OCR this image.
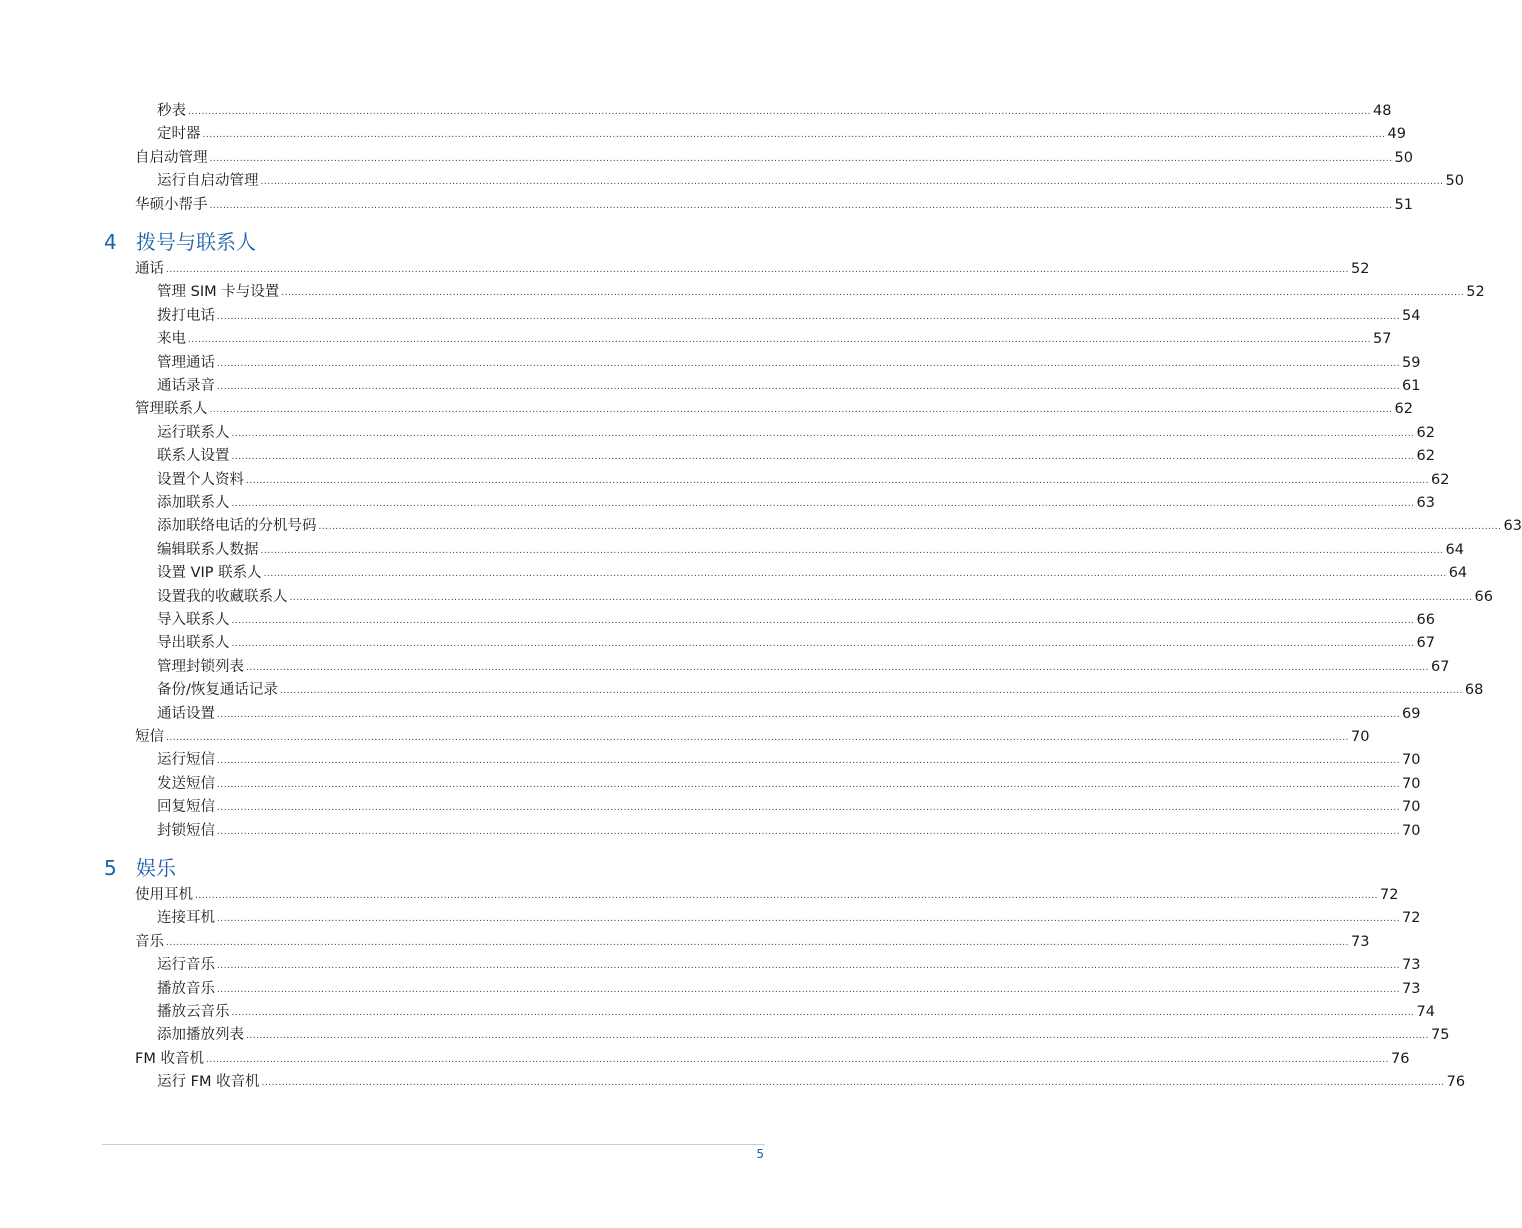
秒表 ................................................................................................................................................................................................................................................................................................................................................................ 48
定时器 ................................................................................................................................................................................................................................................................................................................................................................ 49
自启动管理 ................................................................................................................................................................................................................................................................................................................................................................ 50
运行自启动管理 ................................................................................................................................................................................................................................................................................................................................................................ 50
华硕小帮手 ................................................................................................................................................................................................................................................................................................................................................................ 51
4 拨号与联系人
通话 ................................................................................................................................................................................................................................................................................................................................................................ 52
管理 SIM 卡与设置 ................................................................................................................................................................................................................................................................................................................................................................ 52
拨打电话 ................................................................................................................................................................................................................................................................................................................................................................ 54
来电 ................................................................................................................................................................................................................................................................................................................................................................ 57
管理通话 ................................................................................................................................................................................................................................................................................................................................................................ 59
通话录音 ................................................................................................................................................................................................................................................................................................................................................................ 61
管理联系人 ................................................................................................................................................................................................................................................................................................................................................................ 62
运行联系人 ................................................................................................................................................................................................................................................................................................................................................................ 62
联系人设置 ................................................................................................................................................................................................................................................................................................................................................................ 62
设置个人资料 ................................................................................................................................................................................................................................................................................................................................................................ 62
添加联系人 ................................................................................................................................................................................................................................................................................................................................................................ 63
添加联络电话的分机号码 ................................................................................................................................................................................................................................................................................................................................................................ 63
编辑联系人数据 ................................................................................................................................................................................................................................................................................................................................................................ 64
设置 VIP 联系人 ................................................................................................................................................................................................................................................................................................................................................................ 64
设置我的收藏联系人 ................................................................................................................................................................................................................................................................................................................................................................ 66
导入联系人 ................................................................................................................................................................................................................................................................................................................................................................ 66
导出联系人 ................................................................................................................................................................................................................................................................................................................................................................ 67
管理封锁列表 ................................................................................................................................................................................................................................................................................................................................................................ 67
备份/恢复通话记录 ................................................................................................................................................................................................................................................................................................................................................................ 68
通话设置 ................................................................................................................................................................................................................................................................................................................................................................ 69
短信 ................................................................................................................................................................................................................................................................................................................................................................ 70
运行短信 ................................................................................................................................................................................................................................................................................................................................................................ 70
发送短信 ................................................................................................................................................................................................................................................................................................................................................................ 70
回复短信 ................................................................................................................................................................................................................................................................................................................................................................ 70
封锁短信 ................................................................................................................................................................................................................................................................................................................................................................ 70
5 娱乐
使用耳机 ................................................................................................................................................................................................................................................................................................................................................................ 72
连接耳机 ................................................................................................................................................................................................................................................................................................................................................................ 72
音乐 ................................................................................................................................................................................................................................................................................................................................................................ 73
运行音乐 ................................................................................................................................................................................................................................................................................................................................................................ 73
播放音乐 ................................................................................................................................................................................................................................................................................................................................................................ 73
播放云音乐 ................................................................................................................................................................................................................................................................................................................................................................ 74
添加播放列表 ................................................................................................................................................................................................................................................................................................................................................................ 75
FM 收音机 ................................................................................................................................................................................................................................................................................................................................................................ 76
运行 FM 收音机 ................................................................................................................................................................................................................................................................................................................................................................ 76
5
